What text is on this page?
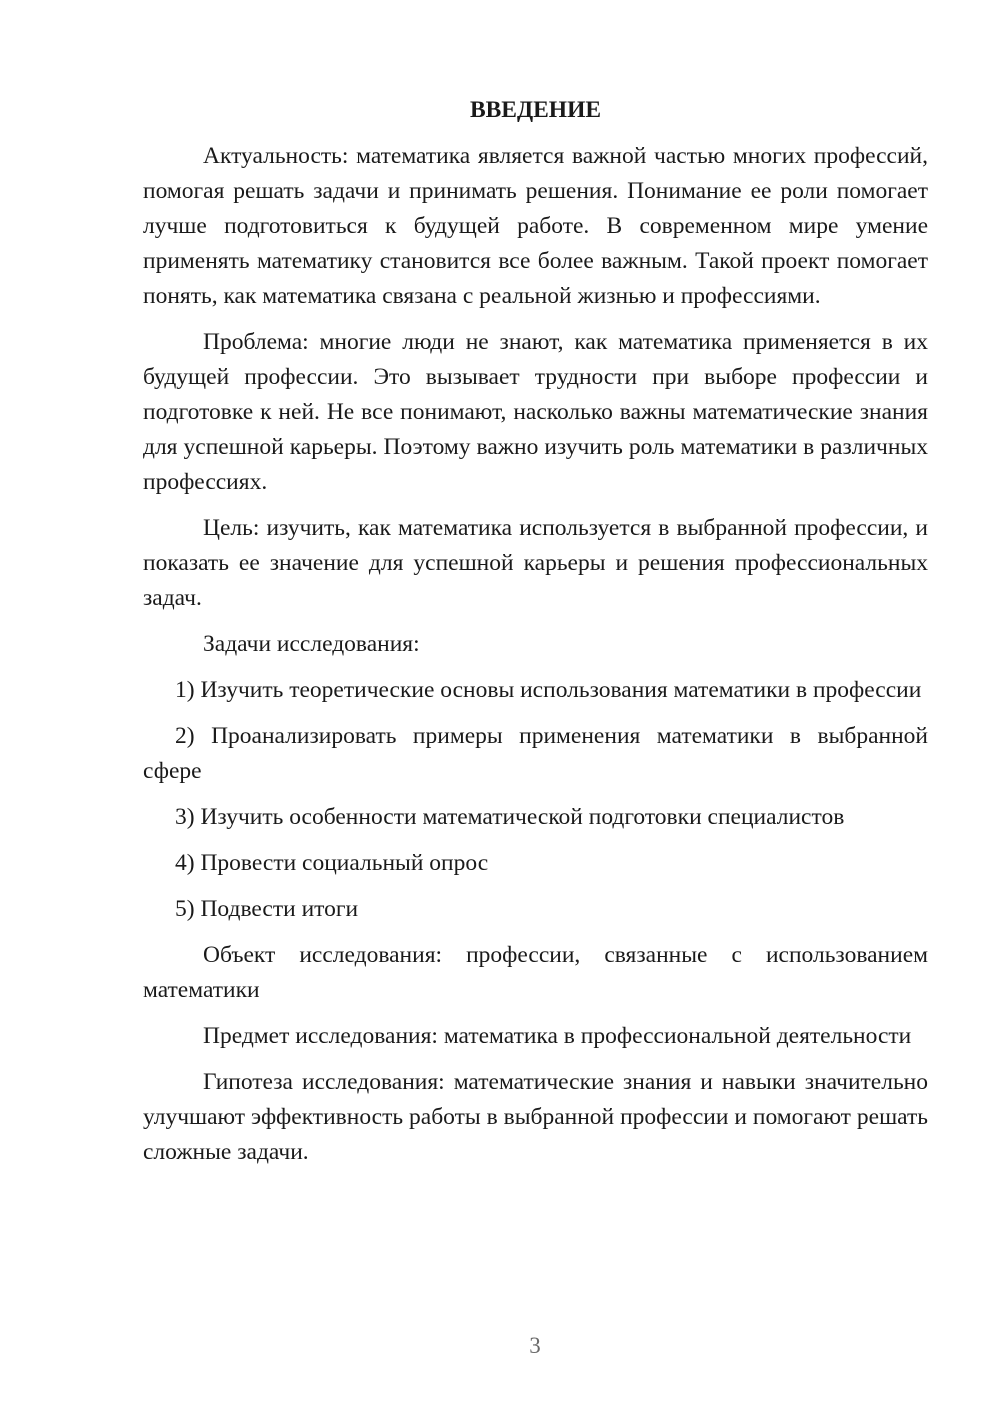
ВВЕДЕНИЕ

Актуальность: математика является важной частью многих профессий, помогая решать задачи и принимать решения. Понимание ее роли помогает лучше подготовиться к будущей работе. В современном мире умение применять математику становится все более важным. Такой проект помогает понять, как математика связана с реальной жизнью и профессиями.

Проблема: многие люди не знают, как математика применяется в их будущей профессии. Это вызывает трудности при выборе профессии и подготовке к ней. Не все понимают, насколько важны математические знания для успешной карьеры. Поэтому важно изучить роль математики в различных профессиях.

Цель: изучить, как математика используется в выбранной профессии, и показать ее значение для успешной карьеры и решения профессиональных задач.

Задачи исследования:

1) Изучить теоретические основы использования математики в профессии

2) Проанализировать примеры применения математики в выбранной сфере

3) Изучить особенности математической подготовки специалистов

4) Провести социальный опрос

5) Подвести итоги

Объект исследования: профессии, связанные с использованием математики

Предмет исследования: математика в профессиональной деятельности

Гипотеза исследования: математические знания и навыки значительно улучшают эффективность работы в выбранной профессии и помогают решать сложные задачи.

3
